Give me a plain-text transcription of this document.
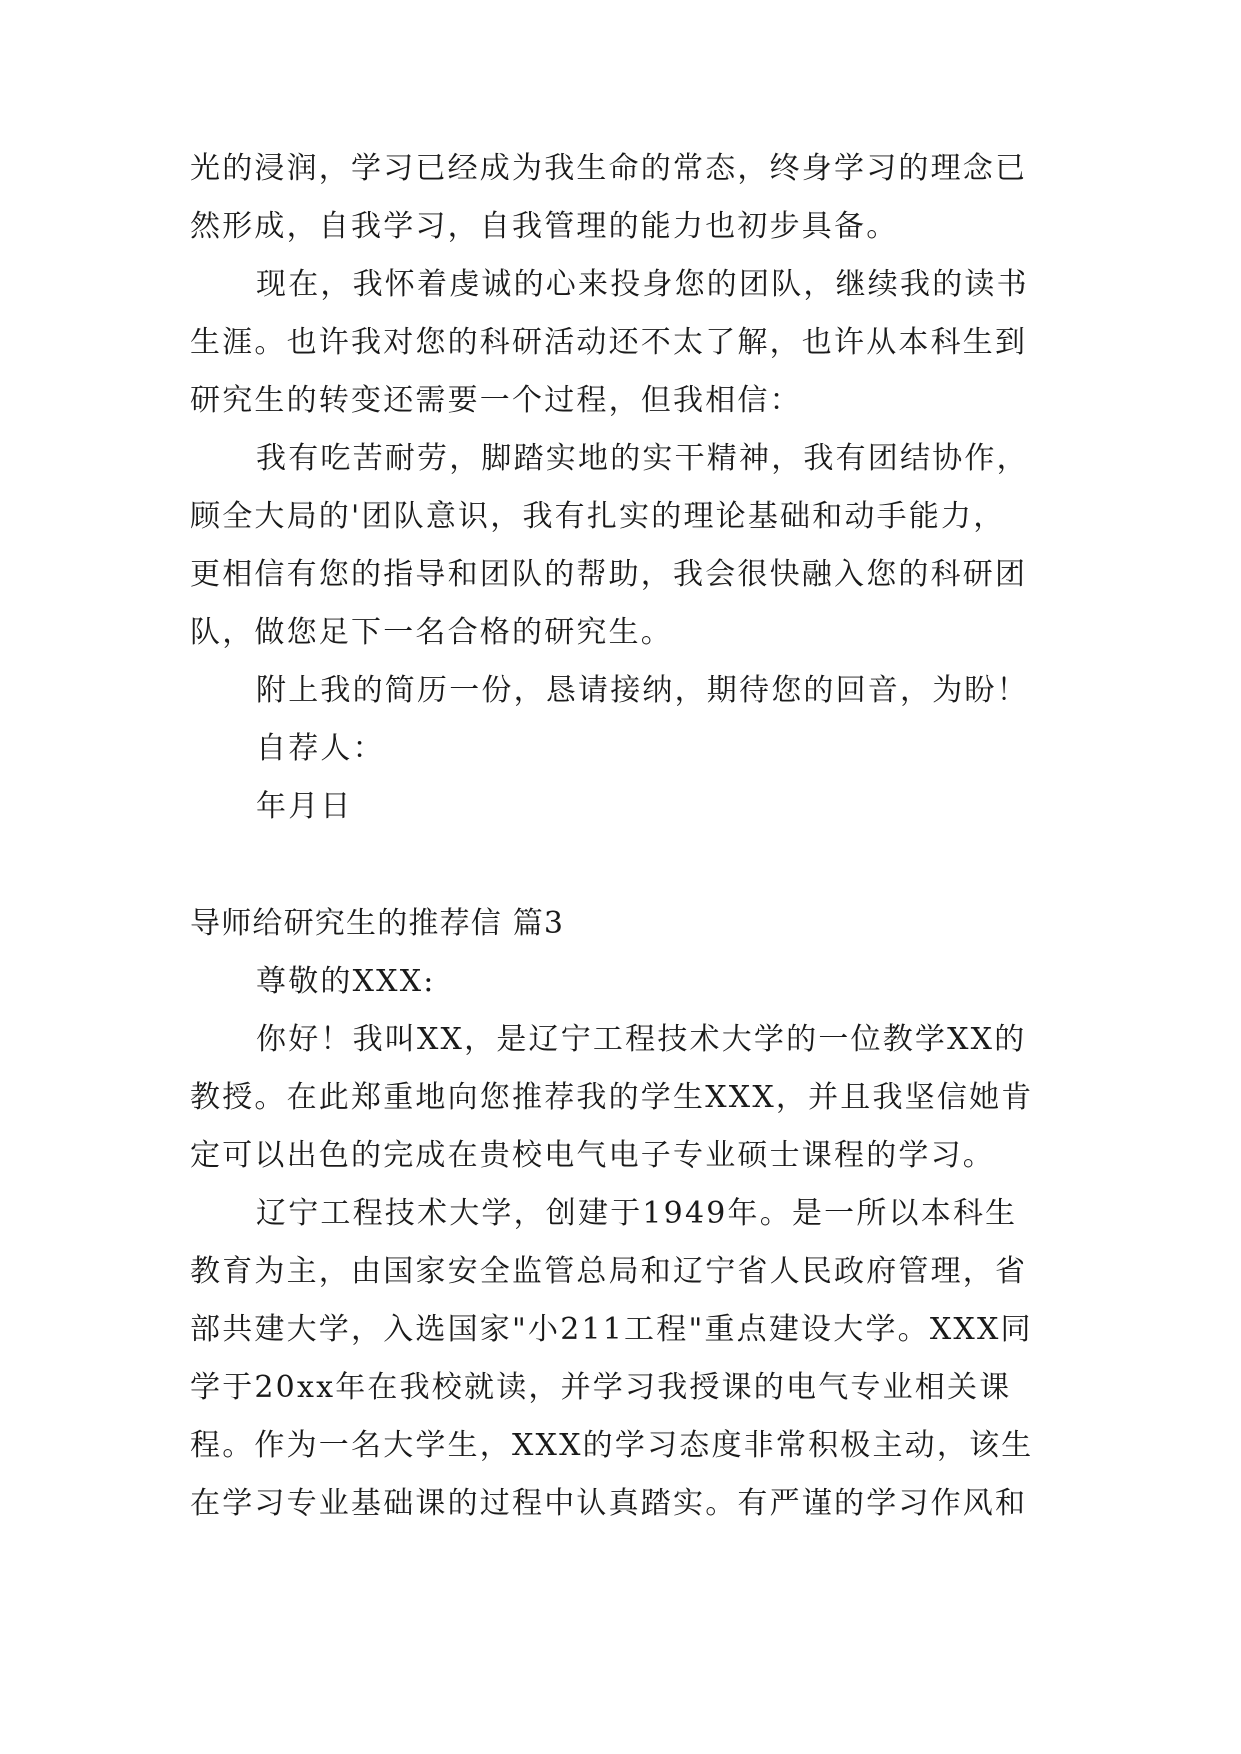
光的浸润，学习已经成为我生命的常态，终身学习的理念已
然形成，自我学习，自我管理的能力也初步具备。
现在，我怀着虔诚的心来投身您的团队，继续我的读书
生涯。也许我对您的科研活动还不太了解，也许从本科生到
研究生的转变还需要一个过程，但我相信：
我有吃苦耐劳，脚踏实地的实干精神，我有团结协作，
顾全大局的'团队意识，我有扎实的理论基础和动手能力，
更相信有您的指导和团队的帮助，我会很快融入您的科研团
队，做您足下一名合格的研究生。
附上我的简历一份，恳请接纳，期待您的回音，为盼！
自荐人：
年月日
导师给研究生的推荐信 篇3
尊敬的XXX:
你好！我叫XX，是辽宁工程技术大学的一位教学XX的
教授。在此郑重地向您推荐我的学生XXX，并且我坚信她肯
定可以出色的完成在贵校电气电子专业硕士课程的学习。
辽宁工程技术大学，创建于1949年。是一所以本科生
教育为主，由国家安全监管总局和辽宁省人民政府管理，省
部共建大学，入选国家"小211工程"重点建设大学。XXX同
学于20xx年在我校就读，并学习我授课的电气专业相关课
程。作为一名大学生，XXX的学习态度非常积极主动，该生
在学习专业基础课的过程中认真踏实。有严谨的学习作风和
